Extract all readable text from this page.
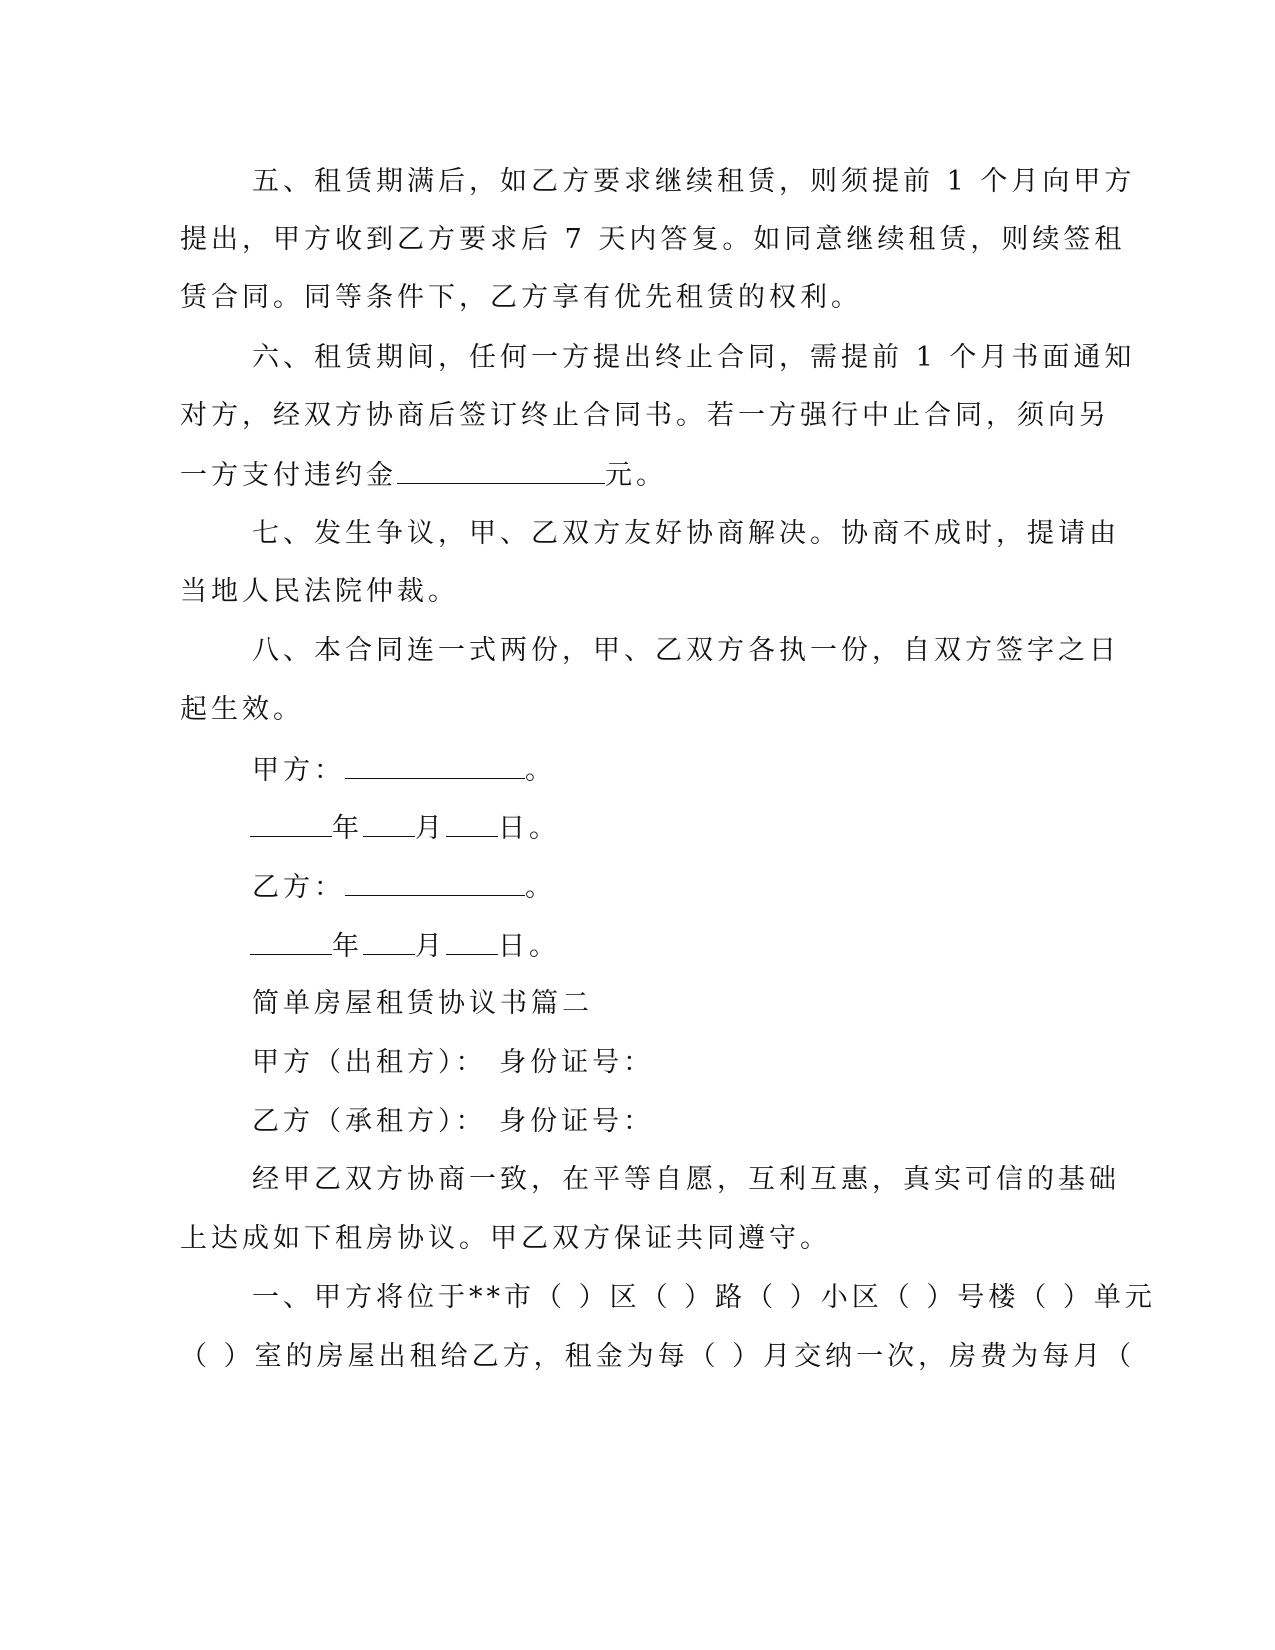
五、租赁期满后，如乙方要求继续租赁，则须提前 1 个月向甲方
提出，甲方收到乙方要求后 7 天内答复。如同意继续租赁，则续签租
赁合同。同等条件下，乙方享有优先租赁的权利。
六、租赁期间，任何一方提出终止合同，需提前 1 个月书面通知
对方，经双方协商后签订终止合同书。若一方强行中止合同，须向另
一方支付违约金	元。
七、发生争议，甲、乙双方友好协商解决。协商不成时，提请由
当地人民法院仲裁。
八、本合同连一式两份，甲、乙双方各执一份，自双方签字之日
起生效。
甲方：	。
年 月 日。
乙方：	。
年 月 日。
简单房屋租赁协议书篇二
甲方（出租方）： 身份证号：
乙方（承租方）： 身份证号：
经甲乙双方协商一致，在平等自愿，互利互惠，真实可信的基础
上达成如下租房协议。甲乙双方保证共同遵守。
一、甲方将位于**市（ ）区（ ）路（ ）小区（ ）号楼（ ）单元
（ ）室的房屋出租给乙方，租金为每（ ）月交纳一次，房费为每月（
